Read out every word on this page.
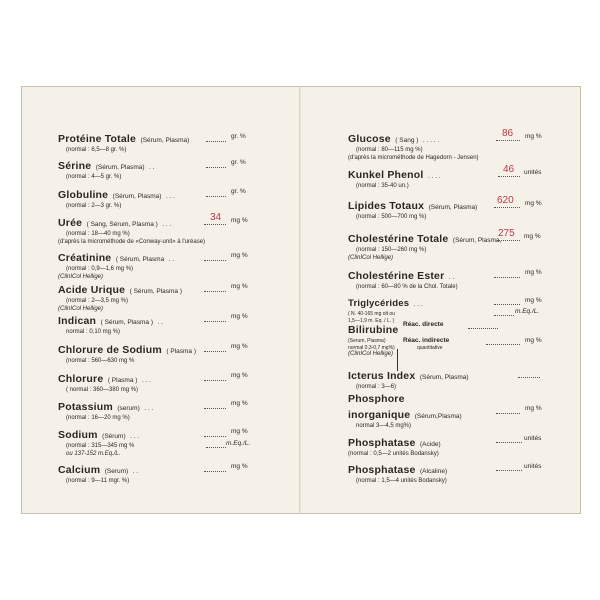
Protéine Totale (Sérum, Plasma)
(normal : 6,5—8 gr. %)
gr. %
Sérine (Sérum, Plasma) . .
(normal : 4—5 gr. %)
gr. %
Globuline (Sérum, Plasma) . . .
(normal : 2—3 gr. %)
gr. %
Urée ( Sang, Sérum, Plasma ) . . .
(normal : 18—40 mg %)
(d'après la microméthode de «Conway-unit» à l'uréase)
34 mg %
Créatinine ( Sérum, Plasma . .
(normal : 0,9—1,6 mg %)
(ClinICol Hellige)
mg %
Acide Urique ( Sérum, Plasma )
(normal : 2—3,5 mg %)
(ClinICol Hellige)
mg %
Indican ( Sérum, Plasma ) . .
normal : 0,10 mg %)
mg %
Chlorure de Sodium ( Plasma )
(normal : 560—630 mg %
mg %
Chlorure ( Plasma ) . . .
( normal : 360—380 mg %)
mg %
Potassium (serum) . . .
(normal : 16—20 mg %)
mg %
Sodium (Sérum) . . .
(normal : 315—345 mg %
ou 137-152 m.Eq./L.
mg %
m.Eq./L.
Calcium (Serum) . .
(normal : 9—11 mgr. %)
mg %
Glucose ( Sang ) . . . . .
(normal : 80—115 mg %)
(d'après la microméthode de Hagedorn - Jensen)
86 mg %
Kunkel Phenol . . . .
(normal : 35-40 un.)
46 unités
Lipides Totaux (Sérum, Plasma)
(normal : 500—700 mg %)
620 mg %
Cholestérine Totale (Sérum, Plasma,
(normal : 150—260 mg %)
(ClinICol Hellige)
275 mg %
Cholestérine Ester . .
(normal : 60—80 % de la Chol. Totale)
mg %
Triglycérides . . .
( N. 40-165 mg olt ou
1,5—1,9 m. Eq. / L. )
mg %
m.Eq./L.
Bilirubine
(Serum, Plasma)
normal 0,3-0,7 mg%)
(ClinICol Hellige)
Réac. directe
Réac. indirecte
quantitative
mg %
Icterus Index (Sérum, Plasma)
(normal : 3—6)
Phosphore
inorganique (Sérum,Plasma)
normal 3—4,5 mg%)
mg %
Phosphatase (Acide)
(normal : 0,5—2 unités Bodansky)
unités
Phosphatase (Alcaline)
(normal : 1,5—4 unités Bodansky)
unités
